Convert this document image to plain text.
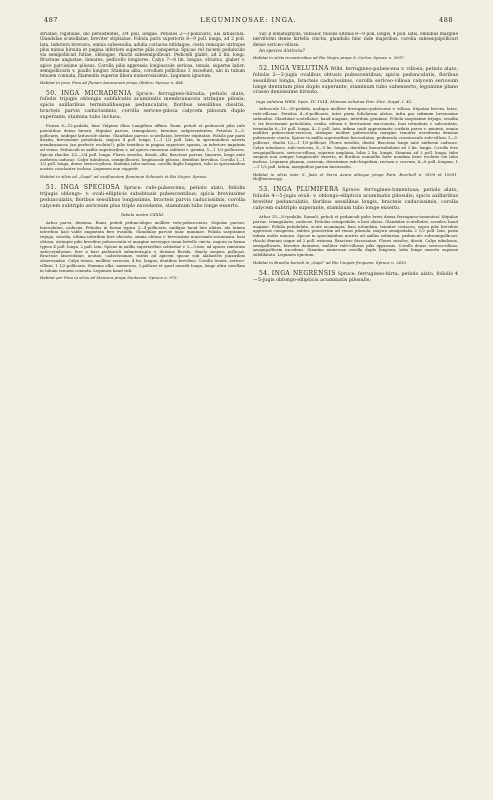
487	LEGUMINOSAE: INGA.	488

striatae, rigidulae, dio persistentes, 3/4 poll. longae. Petioles 2—3-pollicaris, ala latiuscula. Glandulae scutellatae, breviter stipitatae. Foliola paris superioris 8—9 poll. longa, ad 2 poll. lata, inferiora breviora, omnia subsessilia, adulta coriacea nitidaque, costa venisque utrinque plus minus hirsuta et pagina inferiore superne pilis conspersa. Spicae vel racemi pedunculo vix semipollicari fultae, oblongae, rhachi subsemipollicari. Pedicelli glabri, ad 2 lin. longi. Bracteae angustae, lineares, pedicello longiores. Calyx 7—8 lin. longus, striatus, glaber v. apice parcissime pilosus. Corolla pilis appressis longiuscule sericea, tenuis, superne latior, semipollicaris v. paullo longior. Stamina alba, corollam pollicibus 2 excedunt, ubi in tubum tenuem connata, filamentis superne libera numerosissimis. Legumen ignotum.

Habitat in prov. Para ad flumen Amazonum prope Obidos: Spruce n. 484.

50. INGA MICRADENIA Spruce: ferrugineo-hirsuta; petiolo alato, foliolis trijugis oblongis subfalcatis acuminatis membranaceis utrinque pilosis; spicis axillaribus terminalibusque pedunculatis, floribus sessilibus dissitis, bracteis parvis caducissimis, corolla sericeo-pilosa calycem pilosum duplo superante, stamina tubo inclusa.

Frutex 8—12-pedalis, hinc Vulpinis illinc Langiflora affinis. Rami, petioli et pedunculi pilis rufo patentibus denso hirsuti. Stipulae parvae, triangulares, hirsutae, subpersistentes. Petiolus 3—5-pollicaris, undique latiuscule alatus. Glandulae parvae, scutellatae, breviter stipitatae. Foliola par paris dissita, breviusime petiolulata, majora 4 poll. longa, 1—1 1/2 poll. lata, in speciminibus nostris membranacea (an perfecte evoluta?), pilis tenuibus in pagina superiore sparsis, in inferiore imprimis ad venas. Pedunculi in axillis superioribus v. ad apices ramorum solitarii v. gemini, 1—1 1/2-pollicares. Spicae rhachis 1/2—3/4 poll. longa. Flores sessiles, dissiti, albi. Bracteae parvae, lineares, longe ante anthesin caducae. Calyx tubulosus, semipollicaris, longiuscule pilosus, dentibus brevibus. Corolla 1—1 1/2 poll. longa, dense sericeo-pilosa. Stamina tubo inclusa, corolla duplo longiora, tubo in speciminibus nostris conclauter incluso. Legumen non suppetit.

Habitat in silvis ad „Gapó” ad confluentem fluminum Solimoës et Rio Negro: Spruce.

51. INGA SPECIOSA Spruce: rufo-pubescens; petiolo alato, foliolis trijugis oblongo- v. ovali-ellipticis subobtusis pubescentibus; spicis breviusime pedunculatis, floribus sessilibus longissimis, bracteis parvis caducissimis, corolla calycem subtriplo sericeum plus triplo excedente, staminum tubo longe exserto.

Tabula nostra CXXXI.

Arbor parva, demissa. Rami, petioli pedunculique molliter rufo-pubescentes. Stipulae parvae, lanceolatae, caducae. Petiolus in forma typica 3—4-pollicaris, undique haud late alatus, ala tamen interdum basi valde angustata fere evanida. Glandulae parvae nunc minimae. Foliola saepissime trijuga, sessilia, ultima interdum fere obovata, omnia obtusa v. breviusime mucronato-acuminata, basi obtusa, utrinque pilis brevibus pubescentia et margine nervisque tenui hirtello cincta, majora in forma typica 4 poll. longa, 2 poll. lata. Spicae in axillis superioribus solitariae v. 2—3-nae, ad apices ramorum subcorymbosae, fere a basi pedunculi subinterrupta v. densius florida, rhachi saepius pollicari. Bracteae lanceolatae, acutae, caducissimae, rarius ad apicem spicae sub alabastris junioribus observandae. Calyx tenuis, molliter sericeus, 4 lin. longus, dentibus brevibus. Corolla tenuis, sericeo-villosa, 1 1/2-pollicaris. Stamina alba, numerosa, 3 pollices et quod excedit longa, longe ultra corollam in tubum tenuem connata. Legumen haud vidi.

Habitat per Para in silvis ad Maniaca prope Santarem: Spruce n. 973.

Var. β lomatophylla, villosior, foliolis ultimis 8—9 poll. longis, 4 poll. latis, omnibus margine nerviformi dense hirtello cinctis, glandulis hinc inde majoribus, corolla subsesquipollicari dense sericeo-villosa.

An species distincta?

Habitat in silvis recentioribus ad Rio Negro prope S. Carlos: Spruce n. 3097.

52. INGA VELUTINA Willd. ferrugineo-pubescens v. villosa; petiolo alato, foliolis 2—3-jugis ovalibus obtusis pubescentibus; spicis pedunculatis, floribus sessilibus longis, bracteis caducissimis, corolla sericeo-villosa calycem sericeum longe dentatum plus duplo superante, staminum tubo subexserto; legumine plano crasso densissime hirsuto.

Inga velutina Willd. Spec. IV. 1014. Mimosa velutina Poir. Dict. Suppl. I. 42.

Arbuscula 15—30-pedalis, undique molliter ferrugineo-pubescens v. villosa. Stipulae breves, latae, rufo-villosae. Petiolus 4—6-pollicaris, inter paria foliolorum alatus, infra par infimum breviusime subnudus. Glandulae scutellatae, haud magnae, interdum geminae. Foliola saepissime trijuga, sessilia v. vix breviusime petiolulata, ovalia, obtusa v. breviusime mucronata, basi rotundata v. subcordata, terminalia 6—10 poll. longa, 4—5 poll. lata, infima cauli approximata cordata parva v. minima, omnia molliter pubescente-serecea; utrinque moliter pubescentia margine tenuiter nerviformi densius pubescente cincta. Spicae in axillis superioribus fasciculatae, pedunculo crassiusculo rufo-villoso 1—3-pollicari, rhachi 1/2—1 1/2-pollicari. Flores sessiles, dissiti. Bracteae longe ante anthesin caducae. Calyx tubulosus, rufo-sericeus, 8—9 lin. longus, dentibus linearisubulatis ad 3 lin. longis. Corolla fere sesquipollicaris, sericeo-villosa, superne ampliata, lobis 2 lin. longis. Stamina ad 3 poll. longa, tubo saepius non semper longiuscule exserto, in floribus nonnullis forte nondum bene evolutis vix tubo incluso. Legumen planum, crassum, densissime rufo-hispidum, rectum v. curvum, 6—8 poll. longum, 1—1 1/2 poll. latum, marginibus parum incrassatis.

Habitat in silvis inter S. João et Serra Acara aliisque prope Para: Burchell n. 9109 et 10091, Hoffmannsegg.

53. INGA PLUMIFERA Spruce: ferrugineo-tomentosa; petiolo alato, foliolis 4—5-jugis ovali- v. oblongo-ellipticis acuminatis pilosulis; spicis axillaribus breviter pedunculatis, floribus sessilibus longis, bracteis caducissimis, corolla calycem subtriplo superante, staminum tubo longe exserto.

Arbor 15—20-pedalis. Ramuli, petioli et pedunculi pube brevi densa ferrugineo-tomentosi. Stipulae parvae, triangulares, caducae. Petiolus semipedalis, a basi alatus. Glandulae scutellatae, sessiles, haud magnae. Foliola petiolulata, acute acuminata, basi rotundata, tenuiter coriacea, supra pilis brevibus appressis conspersa, subtus praesertim ad venas pilosula, majora semipedalia 2 1/2 poll. lata, paria infima multo minora. Spicae in speciminibus nostris ad axillas solitariae, pedunculo subsemipollicari, rhachi demum usque ad 2 poll. extensa. Bracteae decussatae. Flores sessiles, dissiti. Calyx tubulosus, semipollicaris, breviter dentatus, molliter rufo-villosus pilis appressis. Corolla dense sericeo-villosa, sesquipollicem excedens. Stamina numerosa corolla duplo longiora, tubo longe exserto superne subdilatato. Legumen ignotum.

Habitat in Brasilia boreali in „Gapó” ad Rio Uaupés frequens: Spruce n. 2430.

54. INGA NEGRENSIS Spruce: ferrugineo-hirta; petiolo alato, foliolis 4—5-jugis oblongo-ellipticis acuminatis pilosulis;
